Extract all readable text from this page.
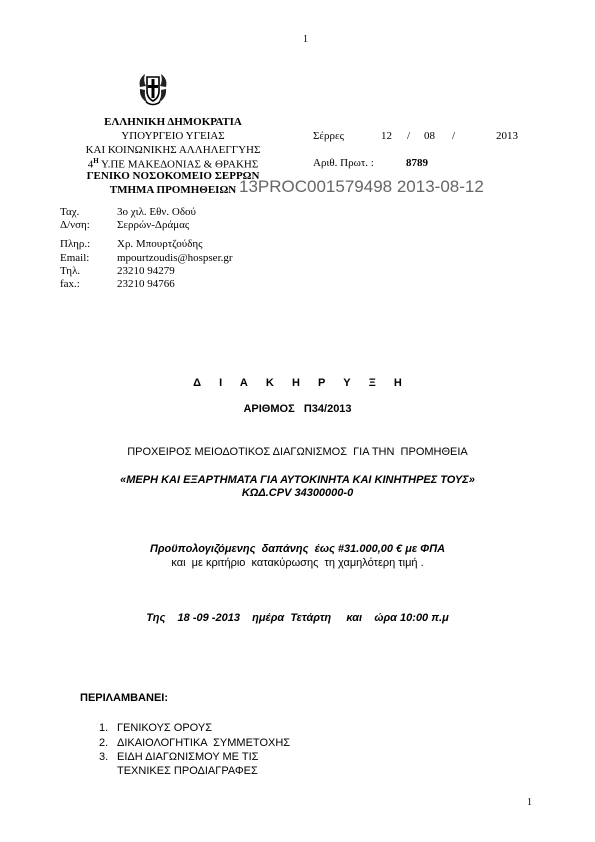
1
ΕΛΛΗΝΙΚΗ ΔΗΜΟΚΡΑΤΙΑ
ΥΠΟΥΡΓΕΙΟ ΥΓΕΙΑΣ
ΚΑΙ ΚΟΙΝΩΝΙΚΗΣ ΑΛΛΗΛΕΓΓΥΗΣ
$4^H$ Υ.ΠΕ ΜΑΚΕΔΟΝΙΑΣ & ΘΡΑΚΗΣ
ΓΕΝΙΚΟ ΝΟΣΟΚΟΜΕΙΟ ΣΕΡΡΩΝ
ΤΜΗΜΑ ΠΡΟΜΗΘΕΙΩΝ
Σέρρες	12 / 08 /	2013
Αριθ. Πρωτ. :	8789
13PROC001579498 2013-08-12
Ταχ.	3ο χιλ. Εθν. Οδού
Δ/νση: Σερρών-Δράμας
Πληρ.: Χρ. Μπουρτζούδης
Email:	mpourtzoudis@hospser.gr
Τηλ.	23210 94279
fax.:	23210 94766
Δ  Ι  Α  Κ  Η  Ρ  Υ  Ξ  Η
ΑΡΙΘΜΟΣ   Π34/2013
ΠΡΟΧΕΙΡΟΣ ΜΕΙΟΔΟΤΙΚΟΣ ΔΙΑΓΩΝΙΣΜΟΣ  ΓΙΑ ΤΗΝ  ΠΡΟΜΗΘΕΙΑ
«ΜΕΡΗ ΚΑΙ ΕΞΑΡΤΗΜΑΤΑ ΓΙΑ ΑΥΤΟΚΙΝΗΤΑ ΚΑΙ ΚΙΝΗΤΗΡΕΣ ΤΟΥΣ»
ΚΩΔ.CPV 34300000-0
Προϋπολογιζόμενης  δαπάνης  έως #31.000,00 € με ΦΠΑ
και  με κριτήριο  κατακύρωσης  τη χαμηλότερη τιμή .
Της    18 -09 -2013    ημέρα  Τετάρτη     και    ώρα 10:00 π.μ
ΠΕΡΙΛΑΜΒΑΝΕΙ:
1. ΓΕΝΙΚΟΥΣ ΟΡΟΥΣ
2. ΔΙΚΑΙΟΛΟΓΗΤΙΚΑ  ΣΥΜΜΕΤΟΧΗΣ
3. ΕΙΔΗ ΔΙΑΓΩΝΙΣΜΟΥ ΜΕ ΤΙΣ
ΤΕΧΝΙΚΕΣ ΠΡΟΔΙΑΓΡΑΦΕΣ
1
